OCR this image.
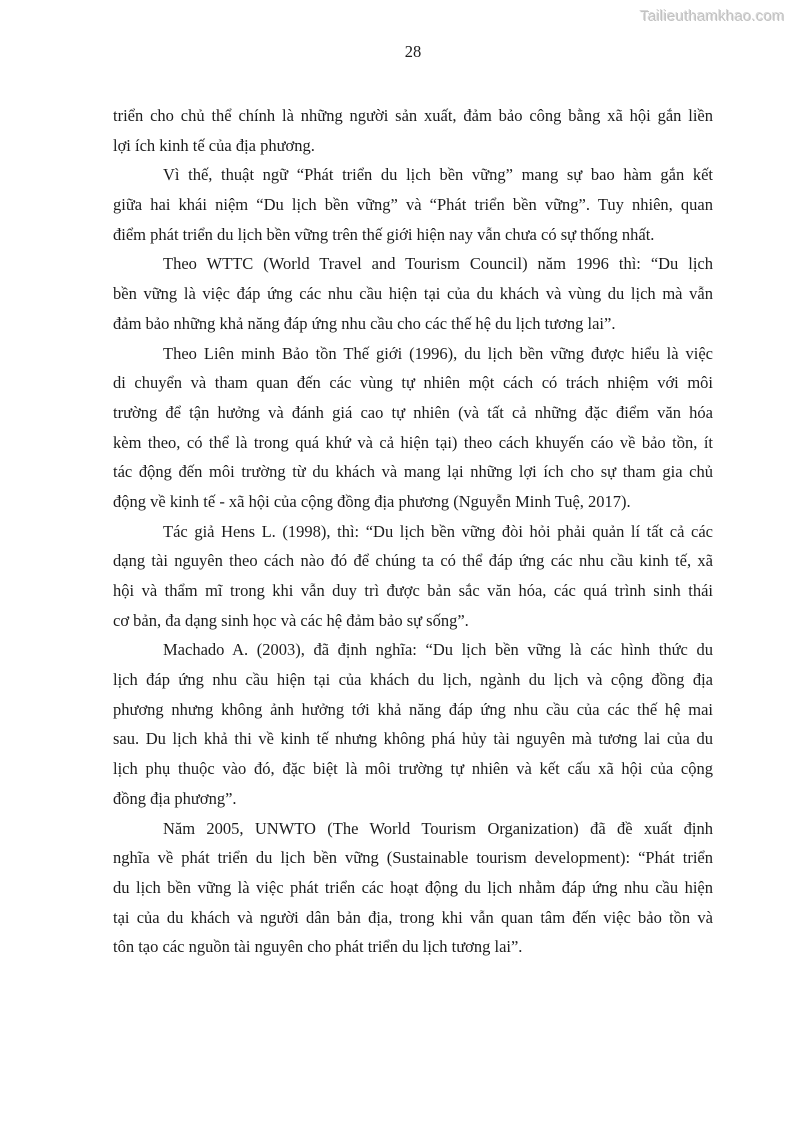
Tailieuthamkhao.com
28
triển cho chủ thể chính là những người sản xuất, đảm bảo công bằng xã hội gắn liền
lợi ích kinh tế của địa phương.
Vì thế, thuật ngữ “Phát triển du lịch bền vững” mang sự bao hàm gắn kết
giữa hai khái niệm “Du lịch bền vững” và “Phát triển bền vững”. Tuy nhiên, quan
điểm phát triển du lịch bền vững trên thế giới hiện nay vẫn chưa có sự thống nhất.
Theo WTTC (World Travel and Tourism Council) năm 1996 thì: “Du lịch
bền vững là việc đáp ứng các nhu cầu hiện tại của du khách và vùng du lịch mà vẫn
đảm bảo những khả năng đáp ứng nhu cầu cho các thế hệ du lịch tương lai”.
Theo Liên minh Bảo tồn Thế giới (1996), du lịch bền vững được hiểu là việc
di chuyển và tham quan đến các vùng tự nhiên một cách có trách nhiệm với môi
trường để tận hưởng và đánh giá cao tự nhiên (và tất cả những đặc điểm văn hóa
kèm theo, có thể là trong quá khứ và cả hiện tại) theo cách khuyến cáo về bảo tồn, ít
tác động đến môi trường từ du khách và mang lại những lợi ích cho sự tham gia chủ
động về kinh tế - xã hội của cộng đồng địa phương (Nguyễn Minh Tuệ, 2017).
Tác giả Hens L. (1998), thì: “Du lịch bền vững đòi hỏi phải quản lí tất cả các
dạng tài nguyên theo cách nào đó để chúng ta có thể đáp ứng các nhu cầu kinh tế, xã
hội và thẩm mĩ trong khi vẫn duy trì được bản sắc văn hóa, các quá trình sinh thái
cơ bản, đa dạng sinh học và các hệ đảm bảo sự sống”.
Machado A. (2003), đã định nghĩa: “Du lịch bền vững là các hình thức du
lịch đáp ứng nhu cầu hiện tại của khách du lịch, ngành du lịch và cộng đồng địa
phương nhưng không ảnh hưởng tới khả năng đáp ứng nhu cầu của các thế hệ mai
sau. Du lịch khả thi về kinh tế nhưng không phá hủy tài nguyên mà tương lai của du
lịch phụ thuộc vào đó, đặc biệt là môi trường tự nhiên và kết cấu xã hội của cộng
đồng địa phương”.
Năm 2005, UNWTO (The World Tourism Organization) đã đề xuất định
nghĩa về phát triển du lịch bền vững (Sustainable tourism development): “Phát triển
du lịch bền vững là việc phát triển các hoạt động du lịch nhằm đáp ứng nhu cầu hiện
tại của du khách và người dân bản địa, trong khi vẫn quan tâm đến việc bảo tồn và
tôn tạo các nguồn tài nguyên cho phát triển du lịch tương lai”.
